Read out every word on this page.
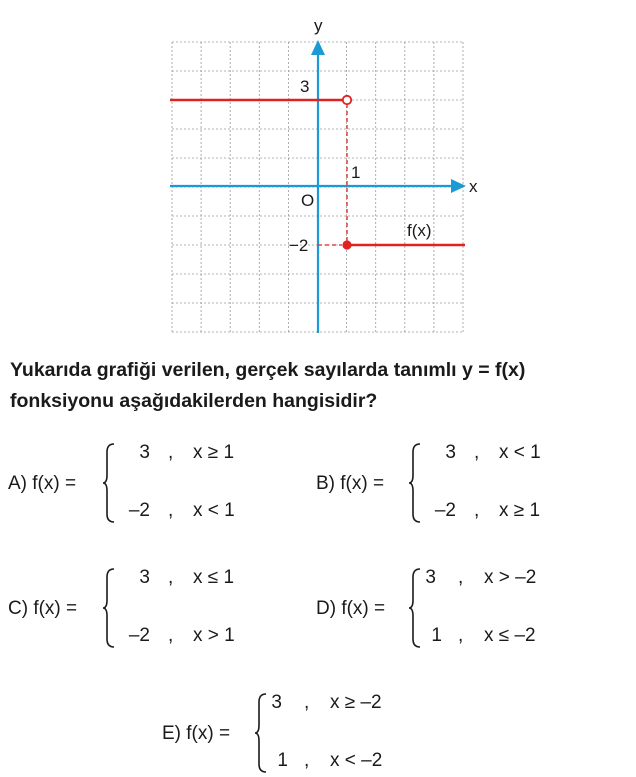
y
x
O
3
1
−2
f(x)

Yukarıda grafiği verilen, gerçek sayılarda tanımlı y = f(x)
fonksiyonu aşağıdakilerden hangisidir?

A) f(x) =
3 , x ≥ 1
–2 , x < 1
B) f(x) =
3 , x < 1
–2 , x ≥ 1
C) f(x) =
3 , x ≤ 1
–2 , x > 1
D) f(x) =
3 , x > –2
1 , x ≤ –2
E) f(x) =
3 , x ≥ –2
1 , x < –2
